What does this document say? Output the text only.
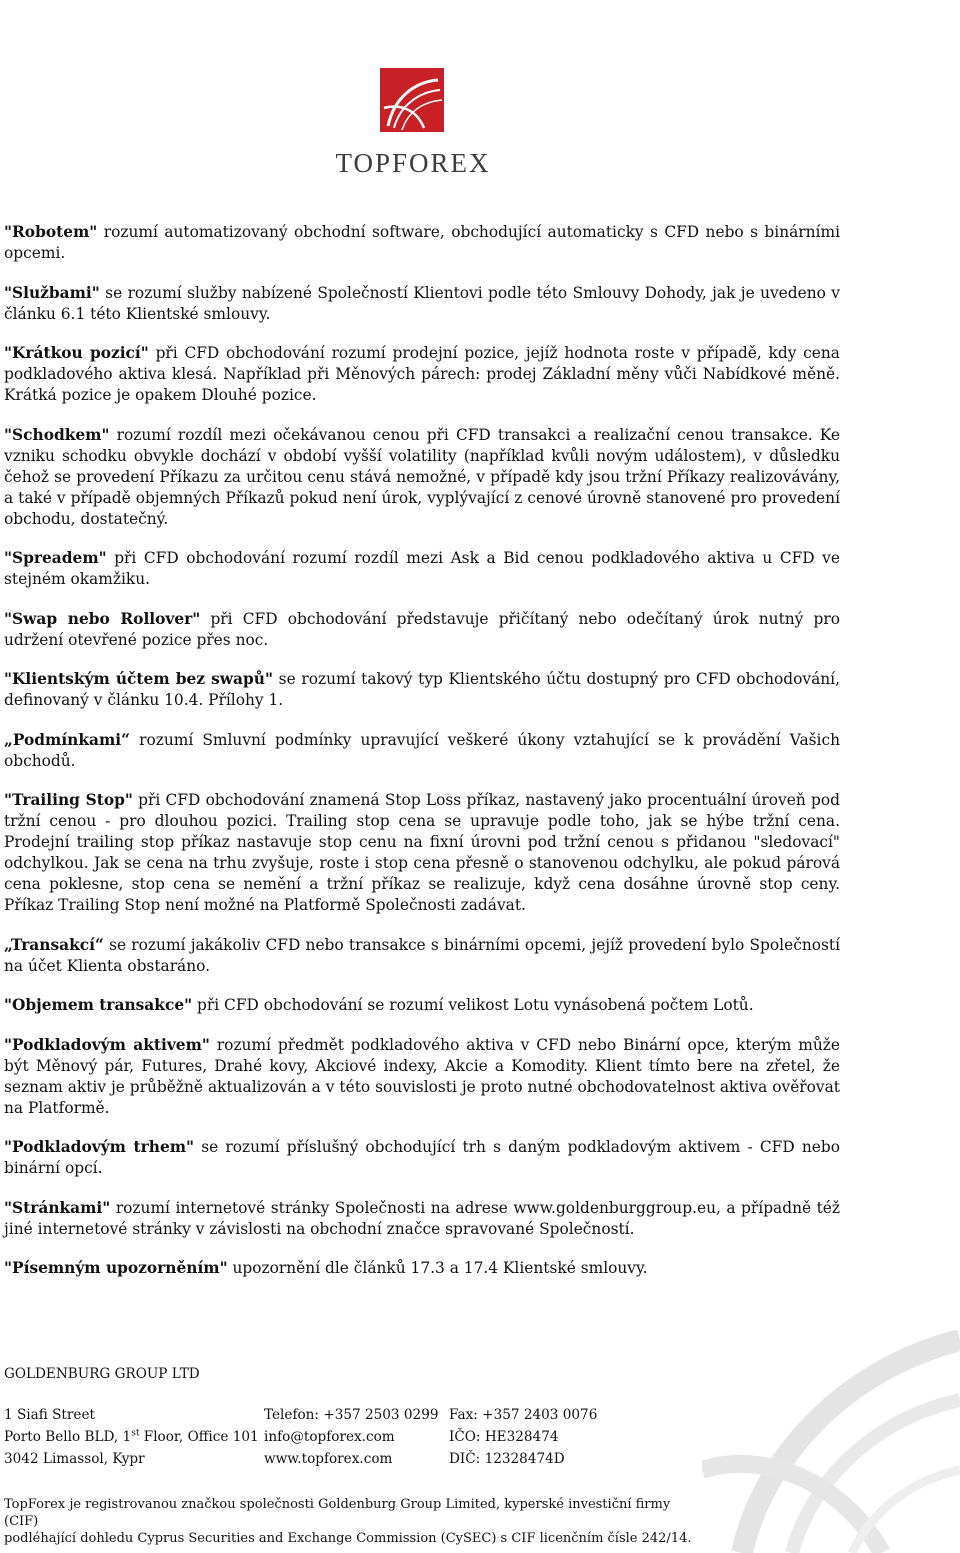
TOPFOREX

"Robotem" rozumí automatizovaný obchodní software, obchodující automaticky s CFD nebo s binárními opcemi.

"Službami" se rozumí služby nabízené Společností Klientovi podle této Smlouvy Dohody, jak je uvedeno v článku 6.1 této Klientské smlouvy.

"Krátkou pozicí" při CFD obchodování rozumí prodejní pozice, jejíž hodnota roste v případě, kdy cena podkladového aktiva klesá. Například při Měnových párech: prodej Základní měny vůči Nabídkové měně. Krátká pozice je opakem Dlouhé pozice.

"Schodkem" rozumí rozdíl mezi očekávanou cenou při CFD transakci a realizační cenou transakce. Ke vzniku schodku obvykle dochází v období vyšší volatility (například kvůli novým událostem), v důsledku čehož se provedení Příkazu za určitou cenu stává nemožné, v případě kdy jsou tržní Příkazy realizovávány, a také v případě objemných Příkazů pokud není úrok, vyplývající z cenové úrovně stanovené pro provedení obchodu, dostatečný.

"Spreadem" při CFD obchodování rozumí rozdíl mezi Ask a Bid cenou podkladového aktiva u CFD ve stejném okamžiku.

"Swap nebo Rollover" při CFD obchodování představuje přičítaný nebo odečítaný úrok nutný pro udržení otevřené pozice přes noc.

"Klientským účtem bez swapů" se rozumí takový typ Klientského účtu dostupný pro CFD obchodování, definovaný v článku 10.4. Přílohy 1.

„Podmínkami“ rozumí Smluvní podmínky upravující veškeré úkony vztahující se k provádění Vašich obchodů.

"Trailing Stop" při CFD obchodování znamená Stop Loss příkaz, nastavený jako procentuální úroveň pod tržní cenou - pro dlouhou pozici. Trailing stop cena se upravuje podle toho, jak se hýbe tržní cena. Prodejní trailing stop příkaz nastavuje stop cenu na fixní úrovni pod tržní cenou s přidanou "sledovací" odchylkou. Jak se cena na trhu zvyšuje, roste i stop cena přesně o stanovenou odchylku, ale pokud párová cena poklesne, stop cena se nemění a tržní příkaz se realizuje, když cena dosáhne úrovně stop ceny. Příkaz Trailing Stop není možné na Platformě Společnosti zadávat.

„Transakcí“ se rozumí jakákoliv CFD nebo transakce s binárními opcemi, jejíž provedení bylo Společností na účet Klienta obstaráno.

"Objemem transakce" při CFD obchodování se rozumí velikost Lotu vynásobená počtem Lotů.

"Podkladovým aktivem" rozumí předmět podkladového aktiva v CFD nebo Binární opce, kterým může být Měnový pár, Futures, Drahé kovy, Akciové indexy, Akcie a Komodity. Klient tímto bere na zřetel, že seznam aktiv je průběžně aktualizován a v této souvislosti je proto nutné obchodovatelnost aktiva ověřovat na Platformě.

"Podkladovým trhem" se rozumí příslušný obchodující trh s daným podkladovým aktivem - CFD nebo binární opcí.

"Stránkami" rozumí internetové stránky Společnosti na adrese www.goldenburggroup.eu, a případně též jiné internetové stránky v závislosti na obchodní značce spravované Společností.

"Písemným upozorněním" upozornění dle článků 17.3 a 17.4 Klientské smlouvy.

GOLDENBURG GROUP LTD
1 Siafi Street
Porto Bello BLD, 1st Floor, Office 101
3042 Limassol, Kypr
Telefon: +357 2503 0299
info@topforex.com
www.topforex.com
Fax: +357 2403 0076
IČO: HE328474
DIČ: 12328474D
TopForex je registrovanou značkou společnosti Goldenburg Group Limited, kyperské investiční firmy (CIF)
podléhající dohledu Cyprus Securities and Exchange Commission (CySEC) s CIF licenčním čísle 242/14.
